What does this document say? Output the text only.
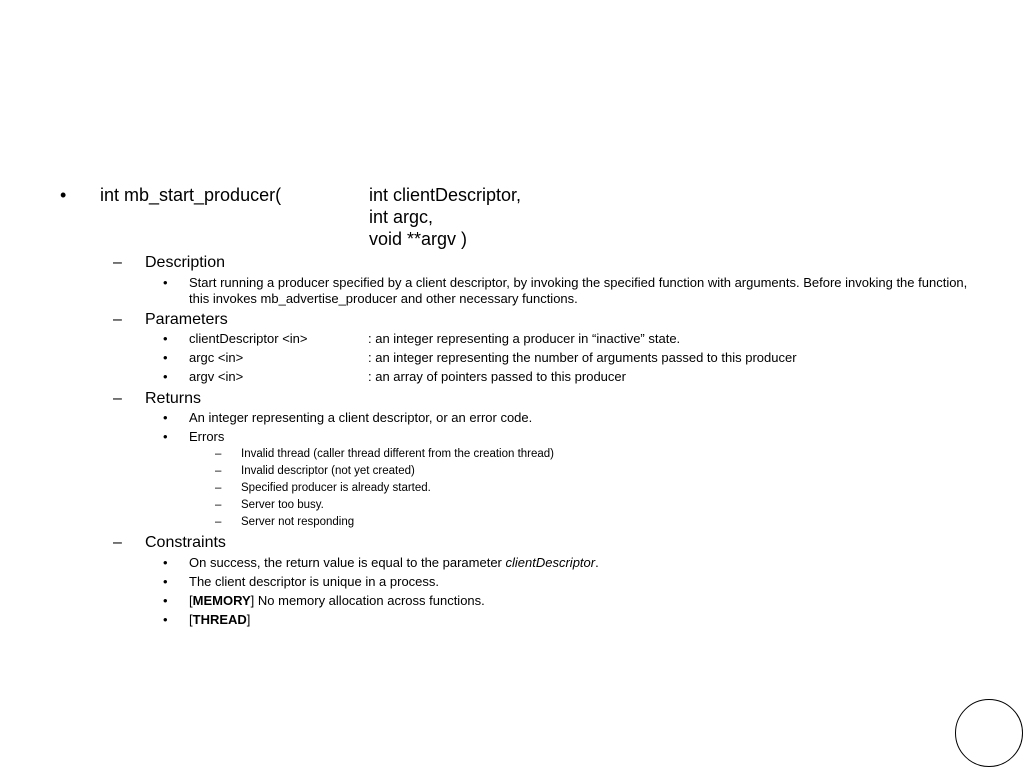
• int mb_start_producer(	int clientDescriptor,
int argc,
void **argv )
– Description
• Start running a producer specified by a client descriptor, by invoking the specified function with arguments. Before invoking the function, this invokes mb_advertise_producer and other necessary functions.
– Parameters
• clientDescriptor <in>	: an integer representing a producer in “inactive” state.
• argc <in>	: an integer representing the number of arguments passed to this producer
• argv <in>	: an array of pointers passed to this producer
– Returns
• An integer representing a client descriptor, or an error code.
• Errors
– Invalid thread (caller thread different from the creation thread)
– Invalid descriptor (not yet created)
– Specified producer is already started.
– Server too busy.
– Server not responding
– Constraints
• On success, the return value is equal to the parameter clientDescriptor.
• The client descriptor is unique in a process.
• [MEMORY] No memory allocation across functions.
• [THREAD]
